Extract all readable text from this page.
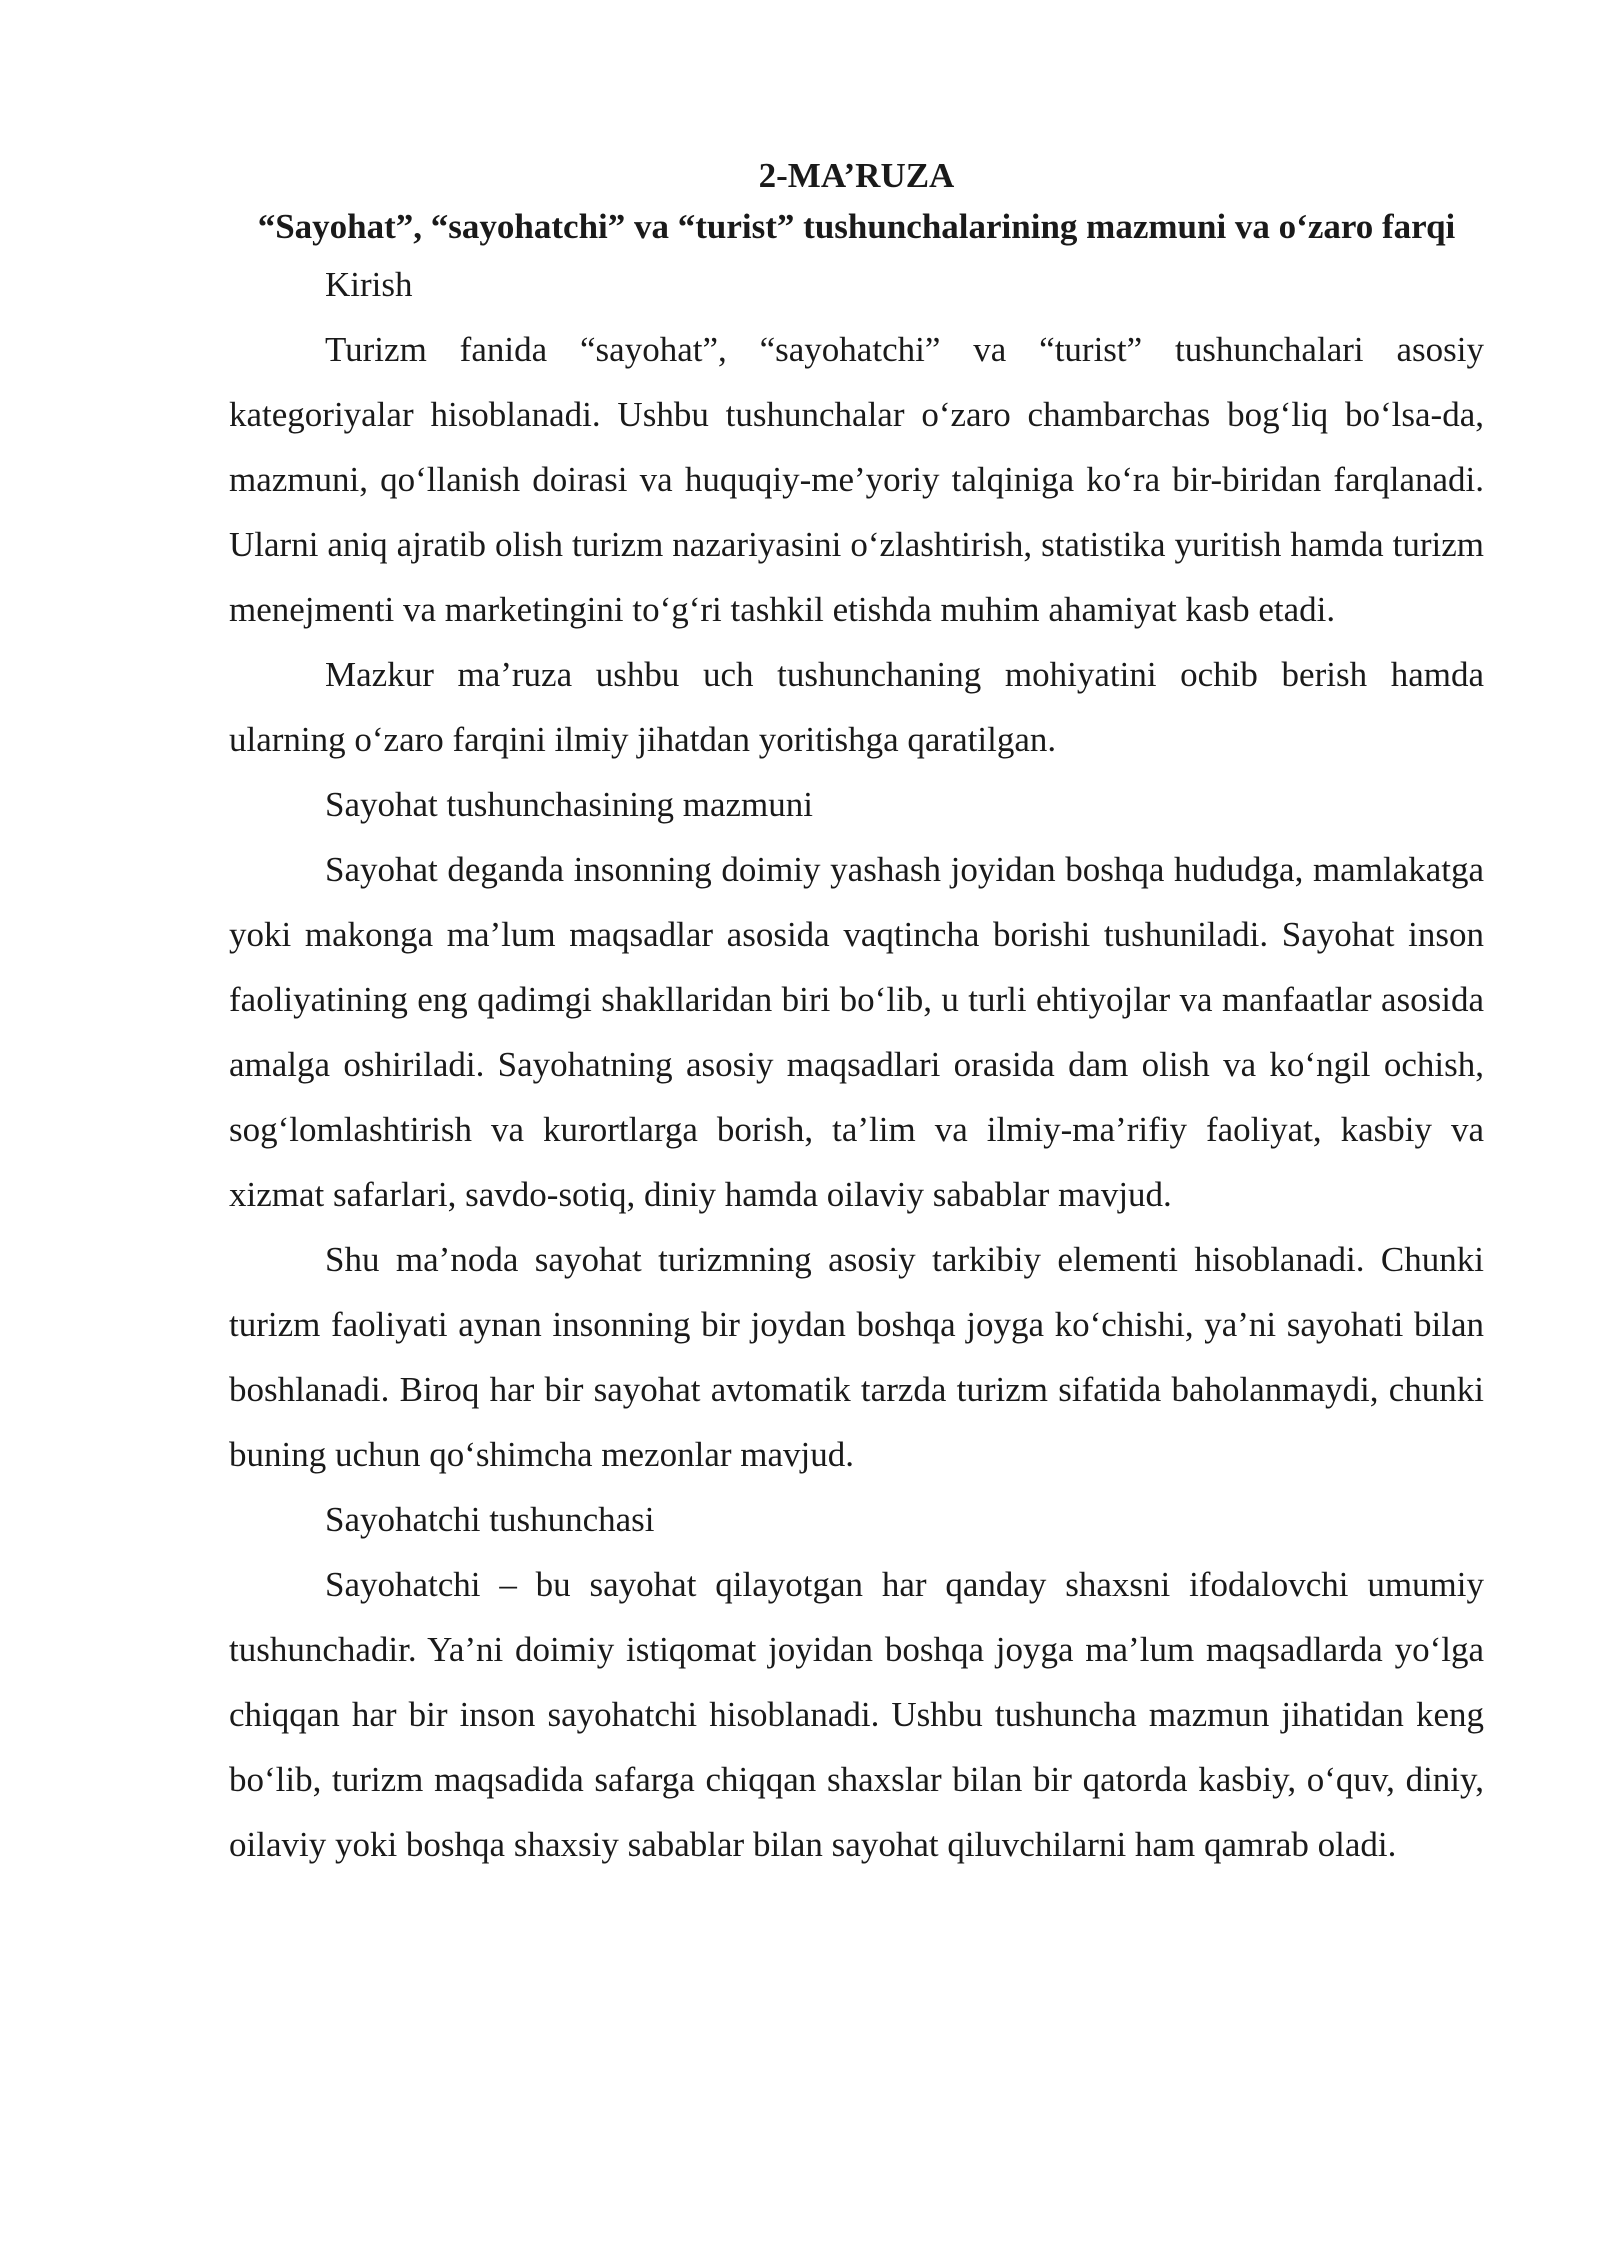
2-MA’RUZA
“Sayohat”, “sayohatchi” va “turist” tushunchalarining mazmuni va o‘zaro farqi

Kirish

Turizm fanida “sayohat”, “sayohatchi” va “turist” tushunchalari asosiy kategoriyalar hisoblanadi. Ushbu tushunchalar o‘zaro chambarchas bog‘liq bo‘lsa-da, mazmuni, qo‘llanish doirasi va huquqiy-me’yoriy talqiniga ko‘ra bir-biridan farqlanadi. Ularni aniq ajratib olish turizm nazariyasini o‘zlashtirish, statistika yuritish hamda turizm menejmenti va marketingini to‘g‘ri tashkil etishda muhim ahamiyat kasb etadi.

Mazkur ma’ruza ushbu uch tushunchaning mohiyatini ochib berish hamda ularning o‘zaro farqini ilmiy jihatdan yoritishga qaratilgan.

Sayohat tushunchasining mazmuni

Sayohat deganda insonning doimiy yashash joyidan boshqa hududga, mamlakatga yoki makonga ma’lum maqsadlar asosida vaqtincha borishi tushuniladi. Sayohat inson faoliyatining eng qadimgi shakllaridan biri bo‘lib, u turli ehtiyojlar va manfaatlar asosida amalga oshiriladi. Sayohatning asosiy maqsadlari orasida dam olish va ko‘ngil ochish, sog‘lomlashtirish va kurortlarga borish, ta’lim va ilmiy-ma’rifiy faoliyat, kasbiy va xizmat safarlari, savdo-sotiq, diniy hamda oilaviy sabablar mavjud.

Shu ma’noda sayohat turizmning asosiy tarkibiy elementi hisoblanadi. Chunki turizm faoliyati aynan insonning bir joydan boshqa joyga ko‘chishi, ya’ni sayohati bilan boshlanadi. Biroq har bir sayohat avtomatik tarzda turizm sifatida baholanmaydi, chunki buning uchun qo‘shimcha mezonlar mavjud.

Sayohatchi tushunchasi

Sayohatchi – bu sayohat qilayotgan har qanday shaxsni ifodalovchi umumiy tushunchadir. Ya’ni doimiy istiqomat joyidan boshqa joyga ma’lum maqsadlarda yo‘lga chiqqan har bir inson sayohatchi hisoblanadi. Ushbu tushuncha mazmun jihatidan keng bo‘lib, turizm maqsadida safarga chiqqan shaxslar bilan bir qatorda kasbiy, o‘quv, diniy, oilaviy yoki boshqa shaxsiy sabablar bilan sayohat qiluvchilarni ham qamrab oladi.
